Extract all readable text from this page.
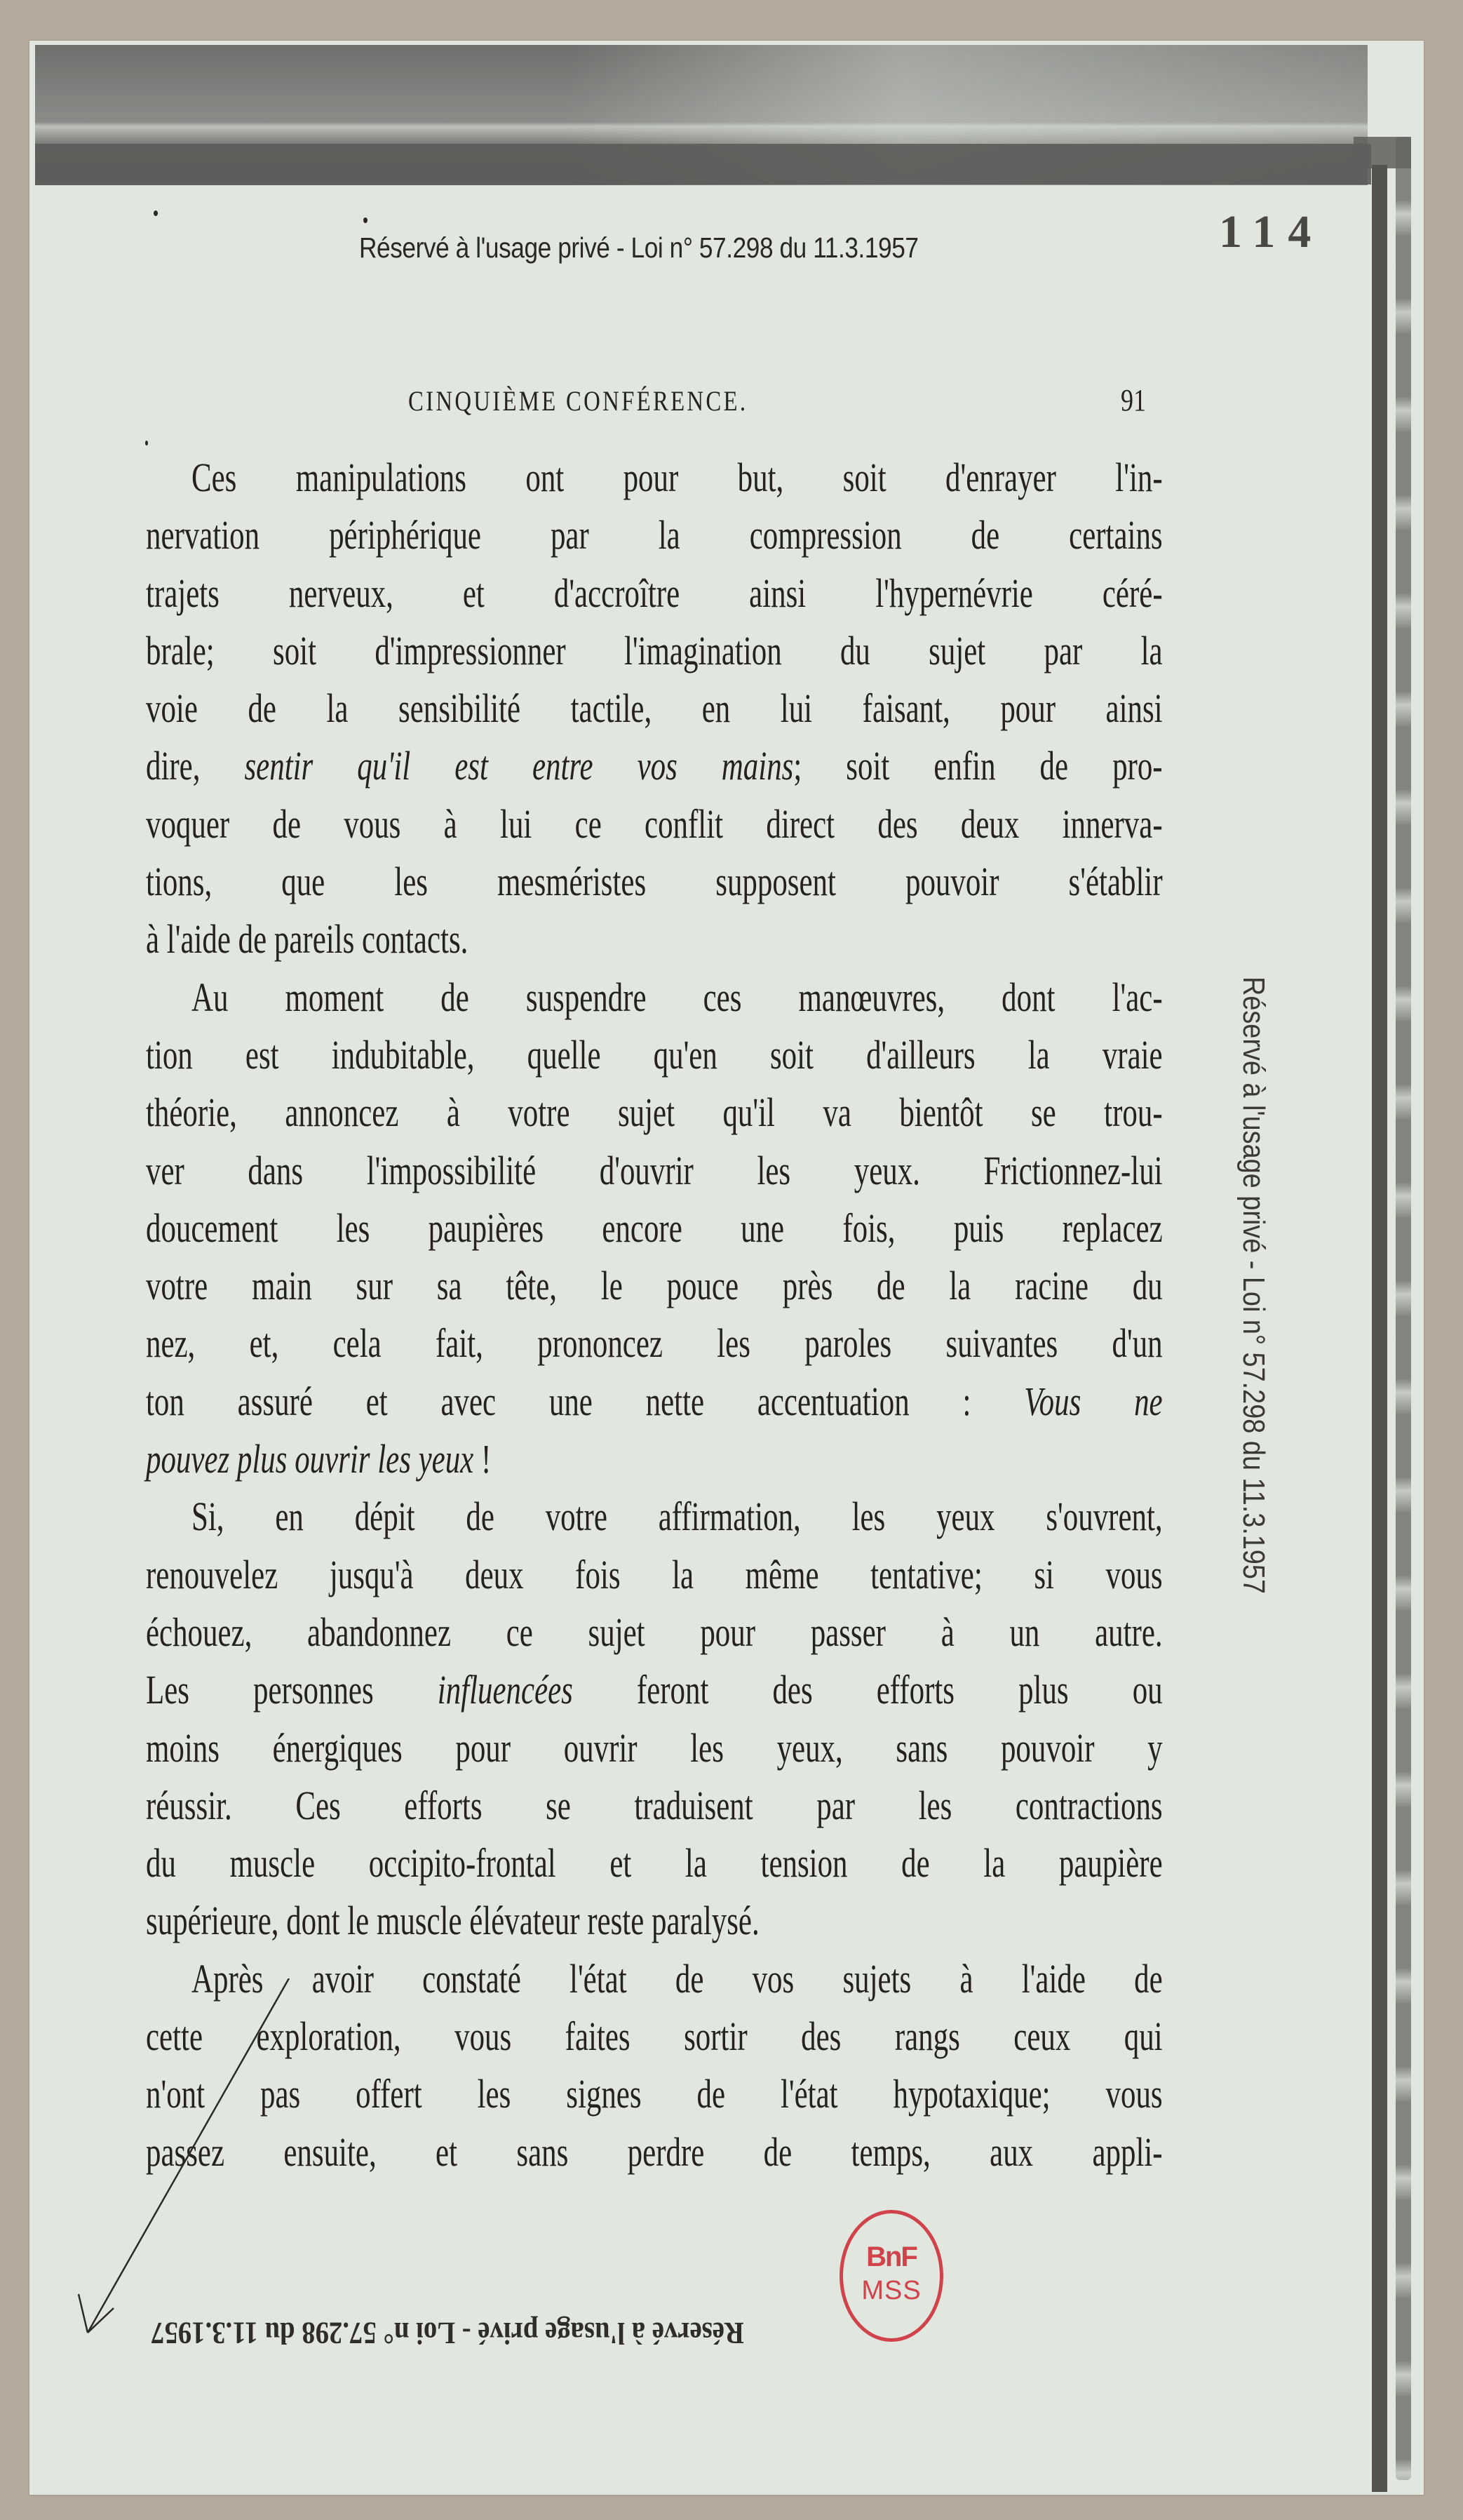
Réservé à l'usage privé - Loi n° 57.298 du 11.3.1957	114
CINQUIÈME CONFÉRENCE.	91
Ces manipulations ont pour but, soit d'enrayer l'in-
nervation périphérique par la compression de certains
trajets nerveux, et d'accroître ainsi l'hypernévrie céré-
brale; soit d'impressionner l'imagination du sujet par la
voie de la sensibilité tactile, en lui faisant, pour ainsi
dire, sentir qu'il est entre vos mains; soit enfin de pro-
voquer de vous à lui ce conflit direct des deux innerva-
tions, que les mesméristes supposent pouvoir s'établir
à l'aide de pareils contacts.
Au moment de suspendre ces manœuvres, dont l'ac-
tion est indubitable, quelle qu'en soit d'ailleurs la vraie
théorie, annoncez à votre sujet qu'il va bientôt se trou-
ver dans l'impossibilité d'ouvrir les yeux. Frictionnez-lui
doucement les paupières encore une fois, puis replacez
votre main sur sa tête, le pouce près de la racine du
nez, et, cela fait, prononcez les paroles suivantes d'un
ton assuré et avec une nette accentuation : Vous ne
pouvez plus ouvrir les yeux !
Si, en dépit de votre affirmation, les yeux s'ouvrent,
renouvelez jusqu'à deux fois la même tentative; si vous
échouez, abandonnez ce sujet pour passer à un autre.
Les personnes influencées feront des efforts plus ou
moins énergiques pour ouvrir les yeux, sans pouvoir y
réussir. Ces efforts se traduisent par les contractions
du muscle occipito-frontal et la tension de la paupière
supérieure, dont le muscle élévateur reste paralysé.
Après avoir constaté l'état de vos sujets à l'aide de
cette exploration, vous faites sortir des rangs ceux qui
n'ont pas offert les signes de l'état hypotaxique; vous
passez ensuite, et sans perdre de temps, aux appli-
Réservé à l'usage privé - Loi n° 57.298 du 11.3.1957
BnF
MSS
Réservé à l'usage privé - Loi n° 57.298 du 11.3.1957
